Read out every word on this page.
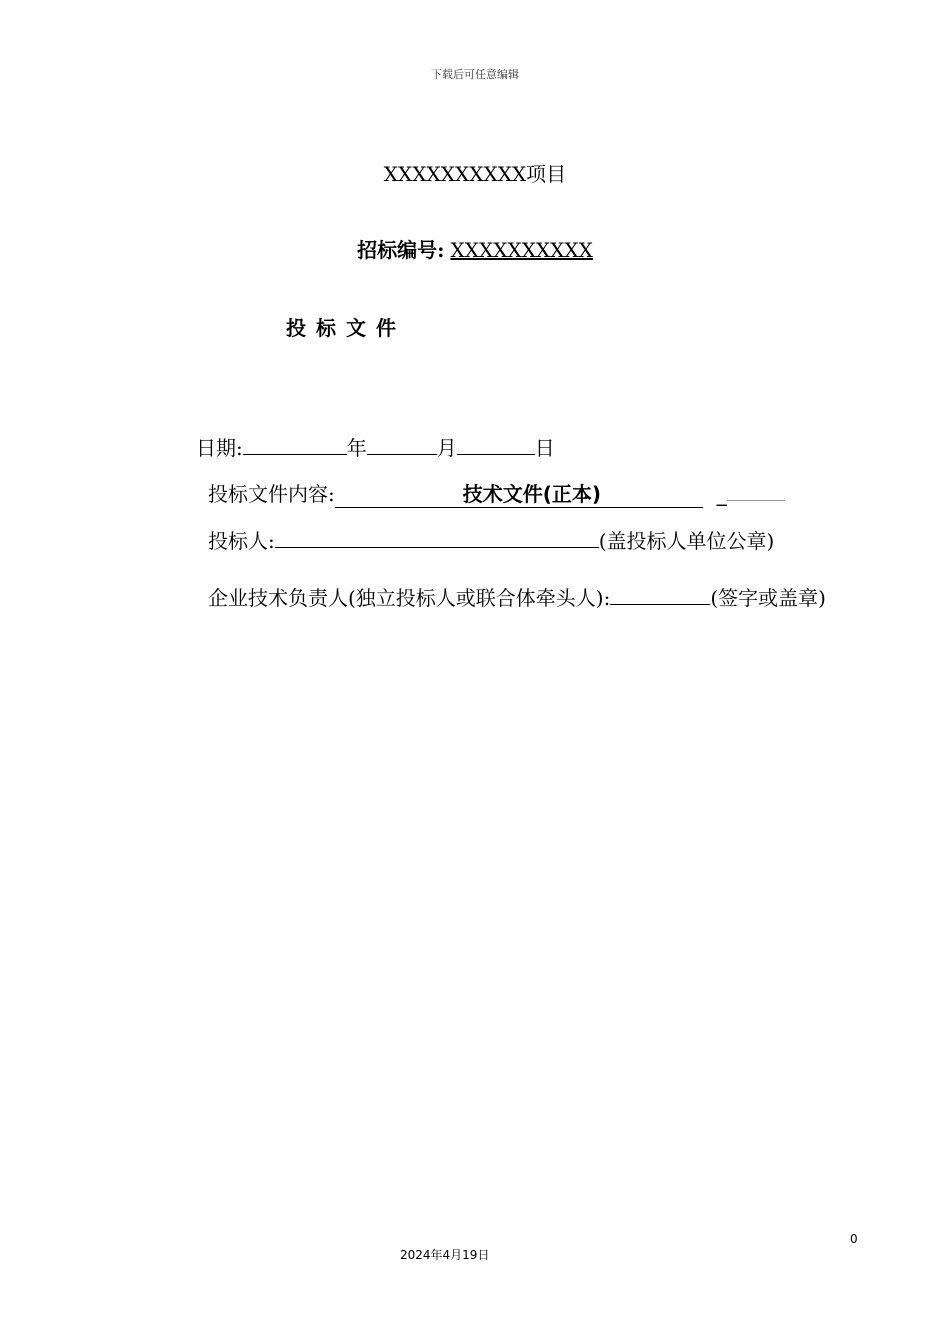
下载后可任意编辑
XXXXXXXXXX项目
招标编号: XXXXXXXXXX
投标文件
日期:	年	月	日
投标文件内容:	技术文件(正本)	_
投标人:	(盖投标人单位公章)
企业技术负责人(独立投标人或联合体牵头人):	(签字或盖章)
0
2024年4月19日
